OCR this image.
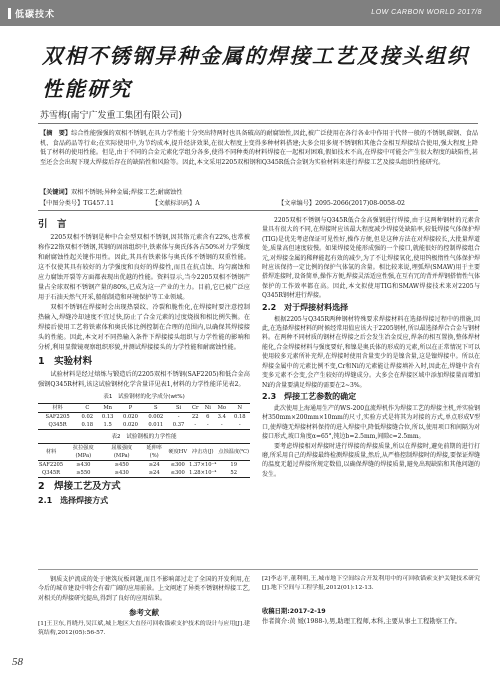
低碳技术	LOW CARBON WORLD 2017/8
双相不锈钢异种金属的焊接工艺及接头组织性能研究
苏雪梅(南宁广发重工集团有限公司)
【摘　要】综合性能强强的双相不锈钢,在具力学性能十分突出特两时也具备破高的耐腐蚀性,因此,被广泛使用在各行各业中作用于代替一般的不锈钢,碳钢、食品机、食品药品等行业;在实际使用中,为节约成本,提升经济效果,在很大程度上变得多种材料搭建;大多会用多规不锈钢和其他合金相互焊接结合使用,强大程度上降低了材料的使用性能。但是,由于不同的合金元素化学组分各多,使得不同种类的材料焊接在一起相对困难,假如技术不高,在焊接中可能会产生很大程度的缺陷性,甚至还会会出现下现大焊接后存在的缺陷性和风险等。因此,本文采用2205双相钢和Q345R低合金钢为实验材料来进行焊接工艺及接头组织性能研究。
【关键词】双相不锈钢;异种金属;焊接工艺;耐腐蚀性
【中图分类号】TG457.11	【文献标识码】A	【文章编号】2095-2066(2017)08-0058-02
引　言

2205双相不锈钢是种中合金型双相不锈钢,因其铬元素含有22%,也常被称作22铬双相不锈钢,其钢的固溶组织中,铁素体与奥氏体各占50%对力学强度和耐腐蚀性起关键作用性。因此,其具有铁素体与奥氏体不锈钢的双重性能。这不仅使其具有较好的力学强度和良好的焊接性,而且在抗点蚀、均匀腐蚀和应力腐蚀开裂等方面都表现出优越的性能。资料显示,当今2205双相不锈钢产量占全球双相不锈钢产量的80%,已成为这一产业的主力。目前,它已被广泛应用于石油天然气开采,船舶制造和环境保护等工业领域。

双相不锈钢在焊接时会出现热裂纹、冷裂和脆性化,在焊接时要注意控制热输入,焊缝冷却速度不宜过快,防止了合金元素的过度烧损和相比例失衡。在焊接后使用工艺将铁素体和奥氏体比例控制在合理的范围内,以确保其焊接接头的性能。因此,本文对不同热输入条件下焊接接头组织与力学性能的影响和分析,利用显微镜观察组织形貌,并测试焊接接头的力学性能和耐腐蚀性能。

1　实验材料

试验材料是经过熔炼与锻造后的2205双相不锈钢(SAF2205)和低合金高强钢Q345R材料,该这试验钢材化学含量详见表1,材料的力学性能详见表2。

表1　试验钢材的化学成分(wt%)
材料	C	Mn	P	S	Si	Cr	Ni	Mo	N
SAF2205	0.02	0.13	0.020	0.002	-	22	6	3.4	0.18
Q345R	0.18	1.5	0.020	0.011	0.37	-	-	-	-
表2　试验钢板的力学性能
材料	抗拉强度(MPa)	屈服强度(MPa)	延伸率(%)	硬度HV	冲击功(J)	点蚀温度(℃)
SAF2205	≥430	≥450	≥24	≤300	1.37×10⁻⁴	19
Q345R	≥550	≥430	≥24	≤300	1.28×10⁻⁴	52
2　焊接工艺及方式
2.1　选择焊接方式

2205双相不锈钢与Q345R低合金高强钢进行焊接,由于这两种钢材的元素含量具有很大的不同,在焊接时应该最大程度减少焊接处缺陷率,较低焊接气体保护焊(TIG)是优先考虑保证可见性好,操作方便,但是这种方法在对焊接较长,大批量焊道处,质量高但速度较慢。如果焊接处能形成强的一个接口,就能很好的控制焊接组合元,对焊接金属的稀释能起有效的减少,为了不让焊接氧化,使用钨极惰性气体保护焊时应该保持一定比例的保护气体氩的含量。相比较来说,埋弧焊(SMAW)用于主要搭焊连接时,设备简单,操作方便,焊接灵活适应性强,在互有冗的背并焊钢搭惰性气体保护的工作效率都在高。因此,本文拟使用TIG和SMAW焊接技术来对2205与Q345R钢材进行焊接。

2.2　对于焊接材料选择

根据2205与Q345R两种钢材特殊要求焊接材料在选择焊接过程中的措施,因此,在选择焊接材料的时候经常用值应该大于2205钢材,所以最选择焊合合金与钢材料。在两种不同材质的钢材在焊接之后会发生冶金反应,焊条的相互置换,整体焊材能化,合金焊接材料与强度要好,和镍是奥氏体的形成的元素,所以在正常情况下可以使用较多元素所补充焊,在焊接时使用含量变少的是镍含量,这是镍焊接中。所以在焊接金属中的元素比例不变,Cr和Ni的元素能让焊接填补入时,因此在,焊缝中含有变多元素不会变,会产生较好的焊缝成分。大多会在焊接区域中添加焊接量而增加Ni的含量要满足焊接的需要在2~3%。

2.3　焊接工艺参数的确定

此次使用上海通用生产的WS-200直流焊机作为焊接工艺的焊接主机,并实验钢材350mm×200mm×10mm的尺寸,实验方式是将其为对接的方式,单点形成V型口,使焊缝无焊接材料保持的进入焊接中,降低焊接缝合位,所以,使用项口和间隔为对接口形式,坡口角度α=65°,钝边b=2.5mm,间隙c=2.5mm。

要考虑焊接相对焊接时进行焊接的焊接质量,所以在焊接时,避免前期的进行打磨,所采用自己的焊接最终检测焊接质量,然后,从严格控制焊接时的焊接,要保证焊缝的温度无超过焊接所规定数值,以确保焊缝的焊接质量,避免出现缺陷和其他问题的发生。

钢质支护流成的处于建筑玩板问题,而且不影响部过走了全国的开发利用,在今后的城市建设中将会有着广阔的应用前景。上文阐述了异类不锈钢材焊接工艺,对相关的焊接研究提出,得到了良好的应用结果。

参考文献

[1]王卫东,肖晓丹,吴江斌,城上地区大直径可回收锚索支护技术的设计与应用[J].建筑结构,2012(05):56-57.

[2]李志平,董利明,王,城市地下空间综合开发利用中的可回收锚索支护关键技术研究[J].地下空间与工程学报,2012(01):12-13.

收稿日期:2017-2-19
作者简介:黄 媛(1988-),男,助理工程师,本科,主要从事土工程勘察工作。
58
